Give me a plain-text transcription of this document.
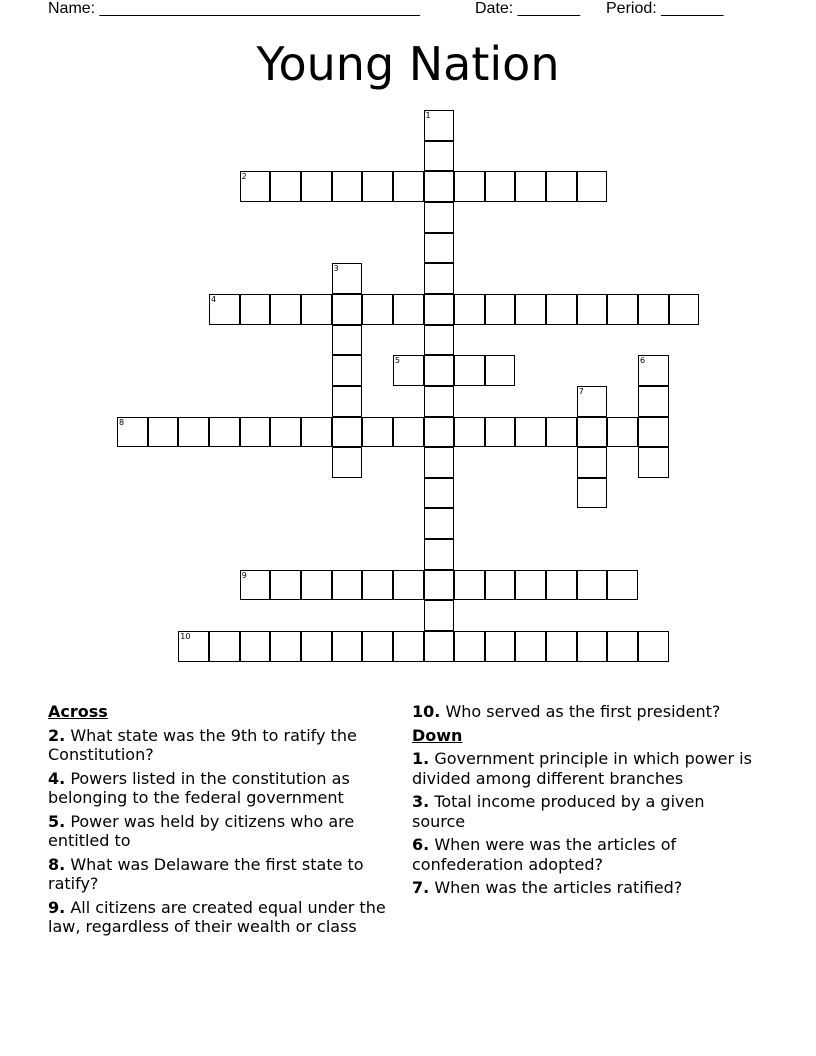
Name: ____________________________________	Date: _______ Period: _______
Young Nation
1
2
3
4
5	6
7
8
9
10
Across
2. What state was the 9th to ratify the Constitution?
4. Powers listed in the constitution as belonging to the federal government
5. Power was held by citizens who are entitled to
8. What was Delaware the first state to ratify?
9. All citizens are created equal under the law, regardless of their wealth or class
10. Who served as the first president?
Down
1. Government principle in which power is divided among different branches
3. Total income produced by a given source
6. When were was the articles of confederation adopted?
7. When was the articles ratified?
